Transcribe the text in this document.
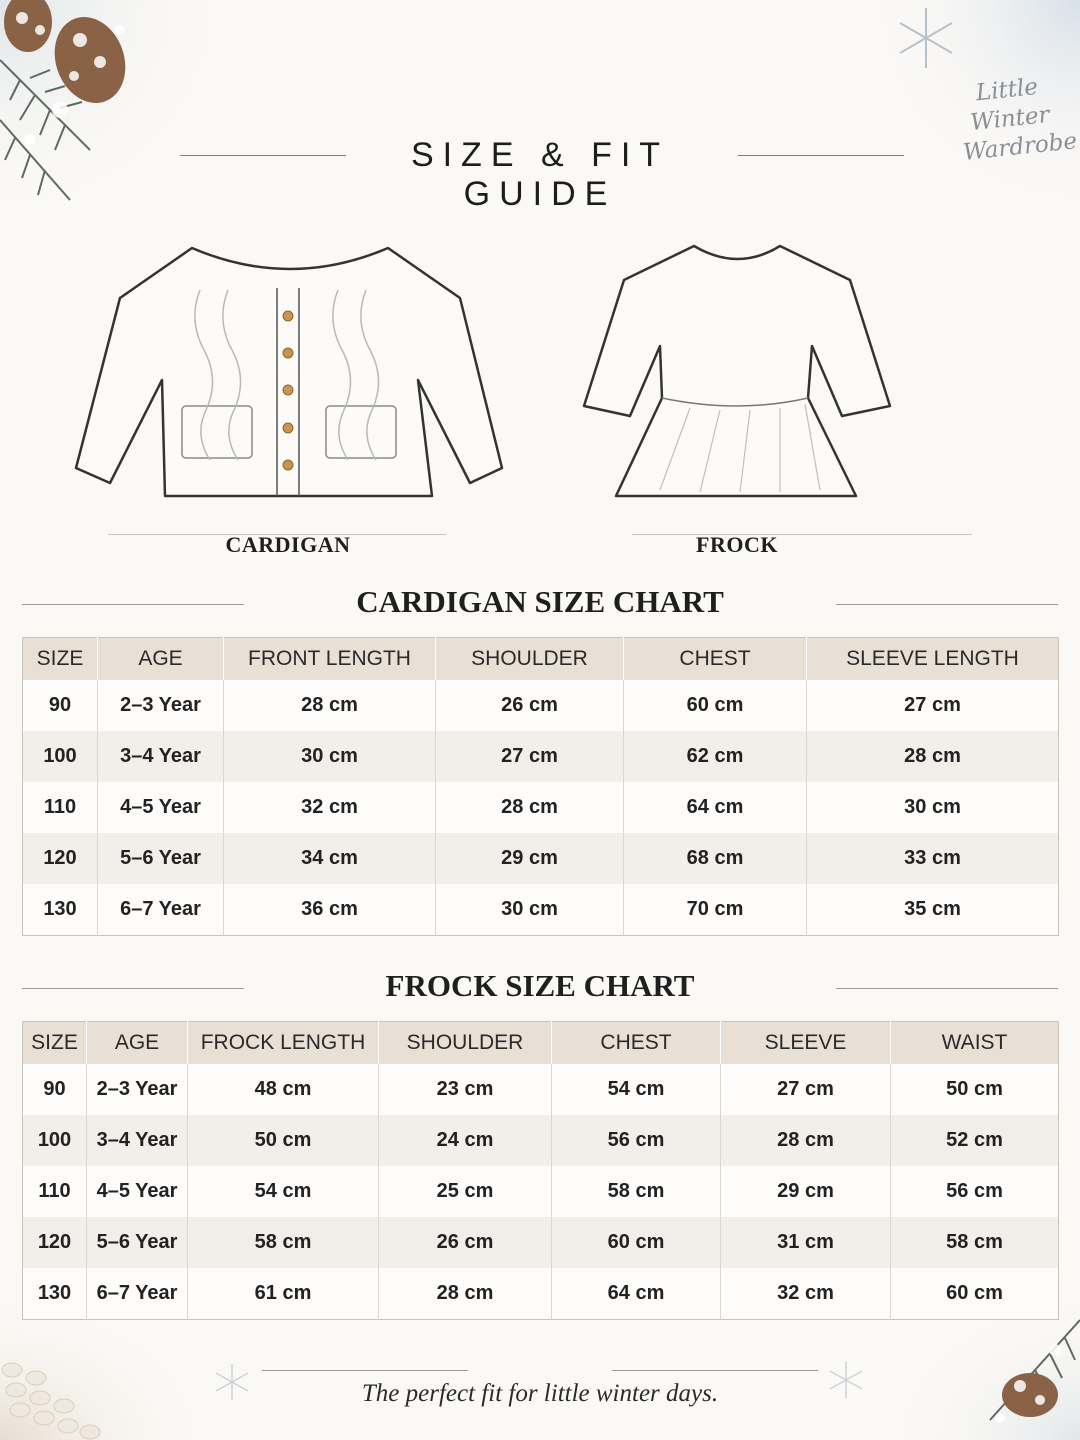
Little
Winter
Wardrobe
SIZE & FIT GUIDE
CARDIGAN	FROCK
CARDIGAN SIZE CHART
SIZE	AGE	FRONT LENGTH	SHOULDER	CHEST	SLEEVE LENGTH
90	2–3 Year	28 cm	26 cm	60 cm	27 cm
100	3–4 Year	30 cm	27 cm	62 cm	28 cm
110	4–5 Year	32 cm	28 cm	64 cm	30 cm
120	5–6 Year	34 cm	29 cm	68 cm	33 cm
130	6–7 Year	36 cm	30 cm	70 cm	35 cm
FROCK SIZE CHART
SIZE	AGE	FROCK LENGTH	SHOULDER	CHEST	SLEEVE	WAIST
90	2–3 Year	48 cm	23 cm	54 cm	27 cm	50 cm
100	3–4 Year	50 cm	24 cm	56 cm	28 cm	52 cm
110	4–5 Year	54 cm	25 cm	58 cm	29 cm	56 cm
120	5–6 Year	58 cm	26 cm	60 cm	31 cm	58 cm
130	6–7 Year	61 cm	28 cm	64 cm	32 cm	60 cm
The perfect fit for little winter days.
